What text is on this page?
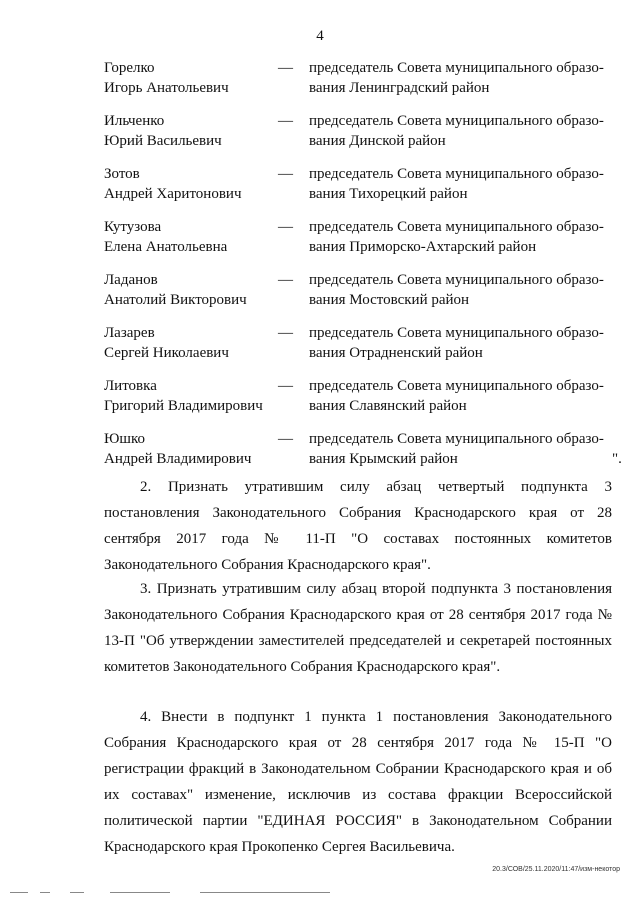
4
Горелко
Игорь Анатольевич
— председатель Совета муниципального образо-
вания Ленинградский район
Ильченко
Юрий Васильевич
— председатель Совета муниципального образо-
вания Динской район
Зотов
Андрей Харитонович
— председатель Совета муниципального образо-
вания Тихорецкий район
Кутузова
Елена Анатольевна
— председатель Совета муниципального образо-
вания Приморско-Ахтарский район
Ладанов
Анатолий Викторович
— председатель Совета муниципального образо-
вания Мостовский район
Лазарев
Сергей Николаевич
— председатель Совета муниципального образо-
вания Отрадненский район
Литовка
Григорий Владимирович
— председатель Совета муниципального образо-
вания Славянский район
Юшко
Андрей Владимирович
— председатель Совета муниципального образо-
вания Крымский район	".
2. Признать утратившим силу абзац четвертый подпункта 3 постановления Законодательного Собрания Краснодарского края от 28 сентября 2017 года № 11-П "О составах постоянных комитетов Законодательного Собрания Краснодарского края".
3. Признать утратившим силу абзац второй подпункта 3 постановления Законодательного Собрания Краснодарского края от 28 сентября 2017 года № 13-П "Об утверждении заместителей председателей и секретарей постоянных комитетов Законодательного Собрания Краснодарского края".
4. Внести в подпункт 1 пункта 1 постановления Законодательного Собрания Краснодарского края от 28 сентября 2017 года № 15-П "О регистрации фракций в Законодательном Собрании Краснодарского края и об их составах" изменение, исключив из состава фракции Всероссийской политической партии "ЕДИНАЯ РОССИЯ" в Законодательном Собрании Краснодарского края Прокопенко Сергея Васильевича.
20.3/СОВ/25.11.2020/11:47/изм-некотор
